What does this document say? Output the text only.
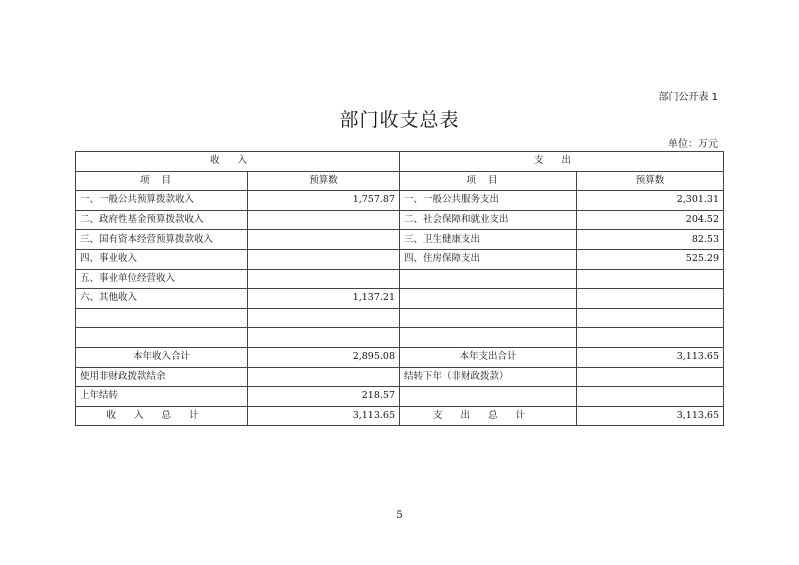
部门公开表 1
部门收支总表
单位：万元
收入		支出	
项目	预算数	项目	预算数
一、一般公共预算拨款收入	1,757.87	一、一般公共服务支出	2,301.31
二、政府性基金预算拨款收入		二、社会保障和就业支出	204.52
三、国有资本经营预算拨款收入		三、卫生健康支出	82.53
四、事业收入		四、住房保障支出	525.29
五、事业单位经营收入			
六、其他收入	1,137.21		

本年收入合计	2,895.08	本年支出合计	3,113.65
使用非财政拨款结余		结转下年（非财政拨款）	
上年结转	218.57		
收入总计	3,113.65	支出总计	3,113.65
5
